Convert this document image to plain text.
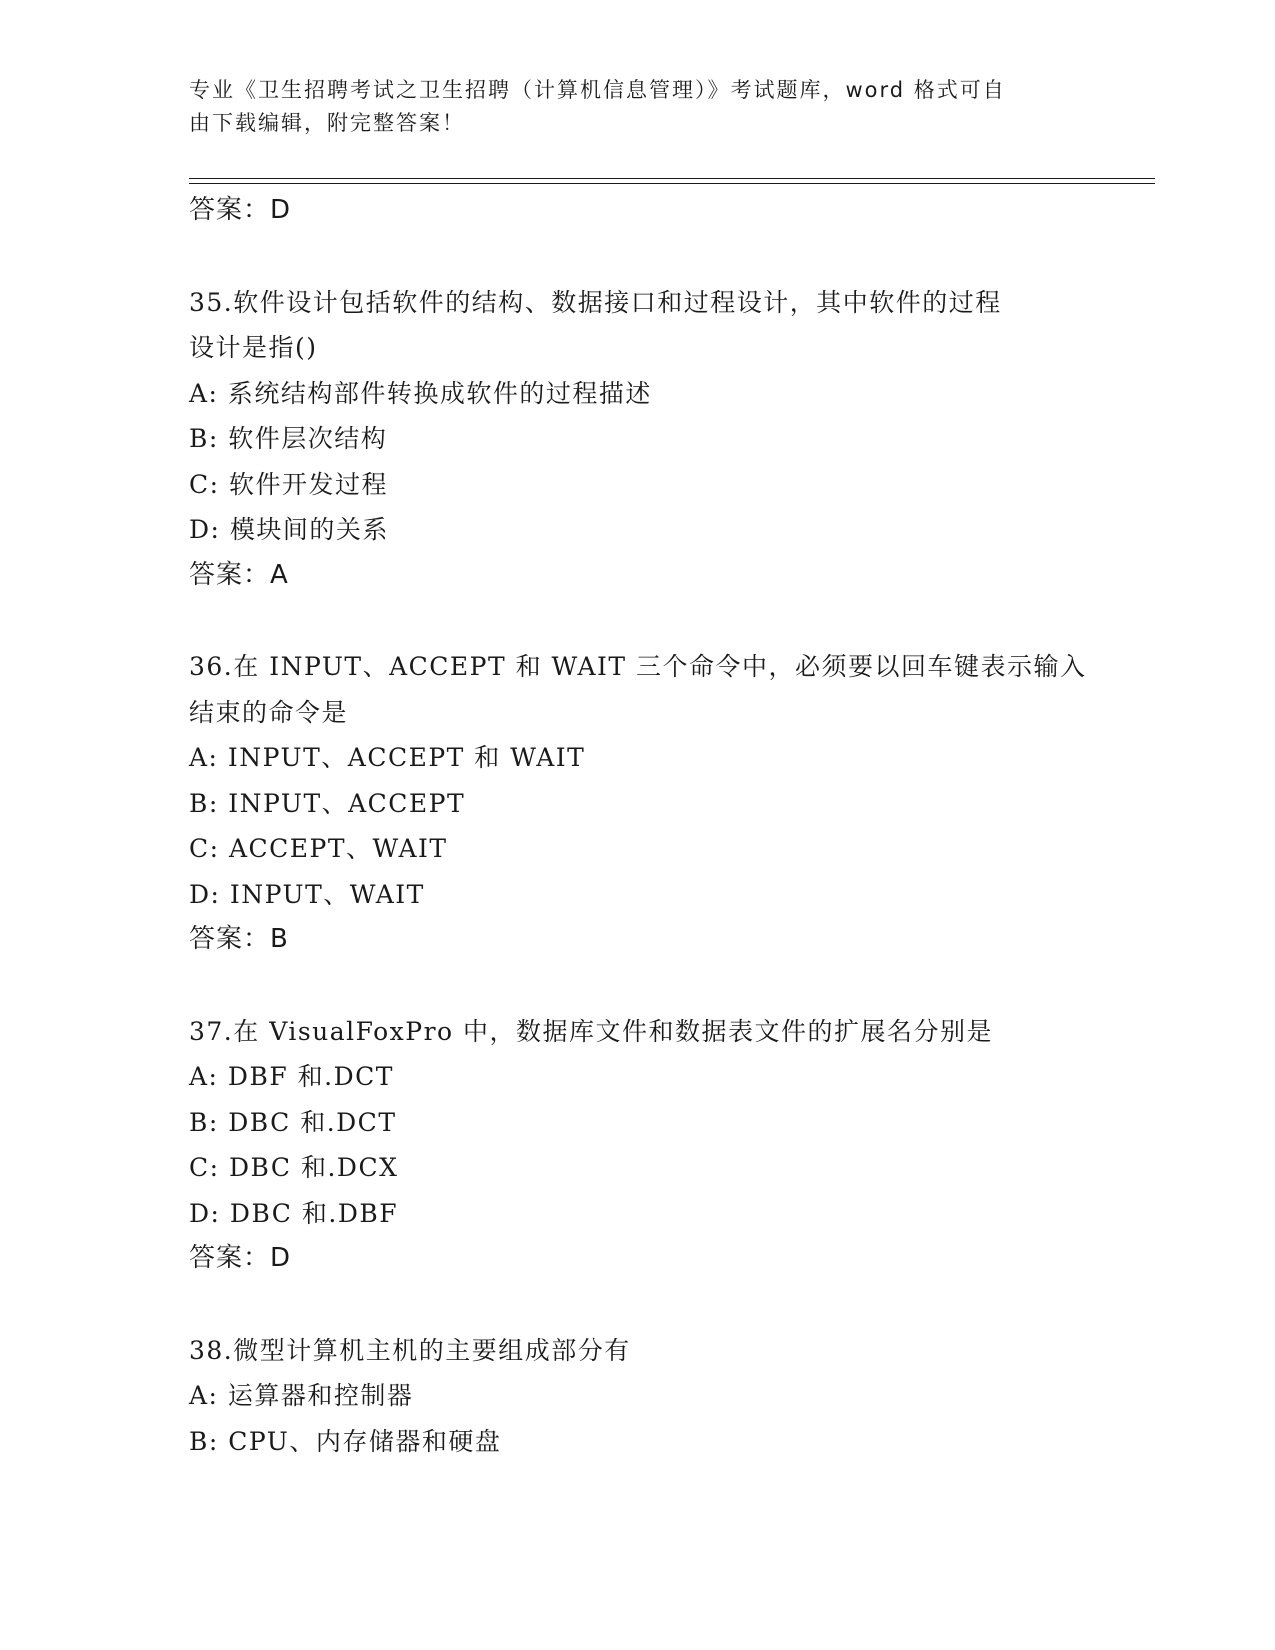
专业《卫生招聘考试之卫生招聘（计算机信息管理）》考试题库，word 格式可自
由下载编辑，附完整答案！
答案：D
35.软件设计包括软件的结构、数据接口和过程设计，其中软件的过程
设计是指()
A: 系统结构部件转换成软件的过程描述
B: 软件层次结构
C: 软件开发过程
D: 模块间的关系
答案：A
36.在 INPUT、ACCEPT 和 WAIT 三个命令中，必须要以回车键表示输入
结束的命令是
A: INPUT、ACCEPT 和 WAIT
B: INPUT、ACCEPT
C: ACCEPT、WAIT
D: INPUT、WAIT
答案：B
37.在 VisualFoxPro 中，数据库文件和数据表文件的扩展名分别是
A: DBF 和.DCT
B: DBC 和.DCT
C: DBC 和.DCX
D: DBC 和.DBF
答案：D
38.微型计算机主机的主要组成部分有
A: 运算器和控制器
B: CPU、内存储器和硬盘
